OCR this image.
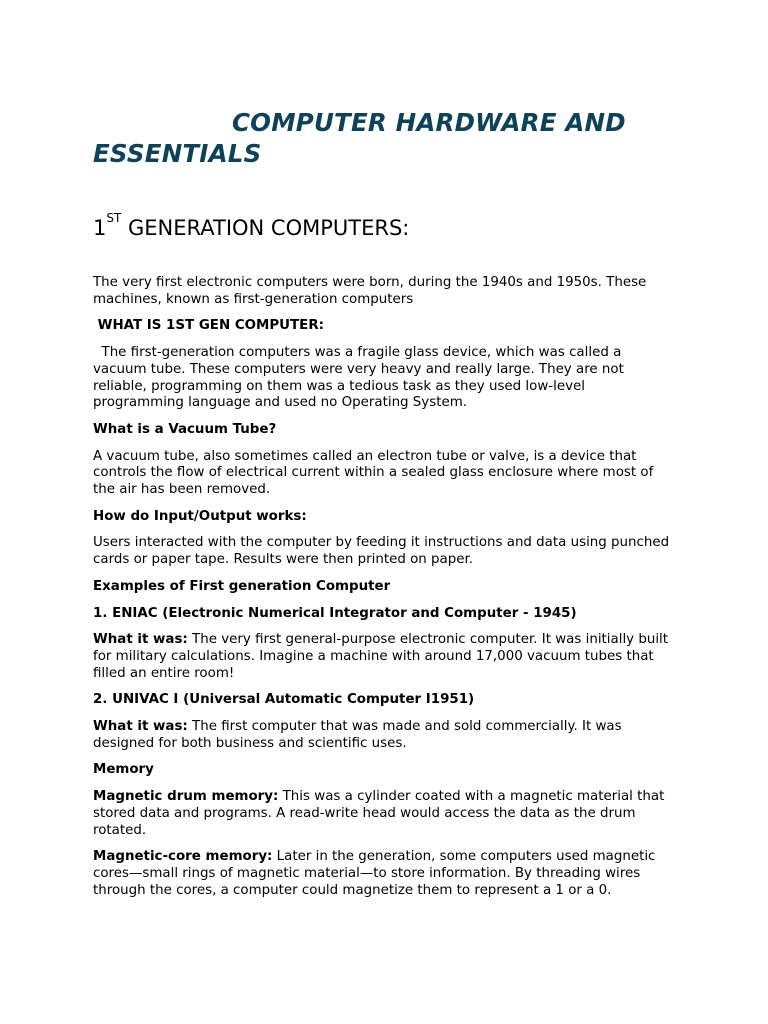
COMPUTER HARDWARE AND
ESSENTIALS
1ST GENERATION COMPUTERS:

The very first electronic computers were born, during the 1940s and 1950s. These machines, known as first-generation computers

WHAT IS 1ST GEN COMPUTER:

The first-generation computers was a fragile glass device, which was called a vacuum tube. These computers were very heavy and really large. They are not reliable, programming on them was a tedious task as they used low-level programming language and used no Operating System.

What is a Vacuum Tube?

A vacuum tube, also sometimes called an electron tube or valve, is a device that controls the flow of electrical current within a sealed glass enclosure where most of the air has been removed.

How do Input/Output works:

Users interacted with the computer by feeding it instructions and data using punched cards or paper tape. Results were then printed on paper.

Examples of First generation Computer

1. ENIAC (Electronic Numerical Integrator and Computer - 1945)

What it was: The very first general-purpose electronic computer. It was initially built for military calculations. Imagine a machine with around 17,000 vacuum tubes that filled an entire room!

2. UNIVAC I (Universal Automatic Computer I1951)

What it was: The first computer that was made and sold commercially. It was designed for both business and scientific uses.

Memory

Magnetic drum memory: This was a cylinder coated with a magnetic material that stored data and programs. A read-write head would access the data as the drum rotated.

Magnetic-core memory: Later in the generation, some computers used magnetic cores—small rings of magnetic material—to store information. By threading wires through the cores, a computer could magnetize them to represent a 1 or a 0.
